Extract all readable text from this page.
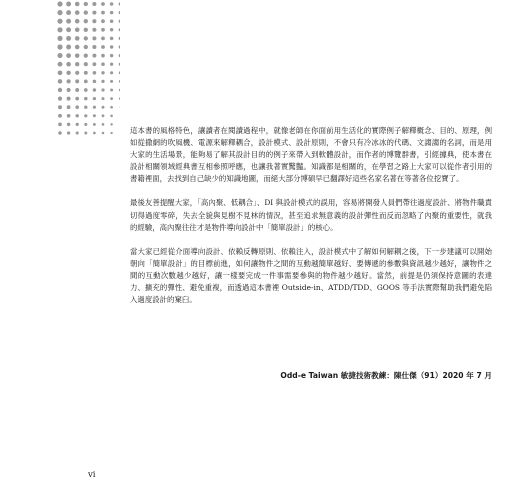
這本書的風格特色，讓讀者在閱讀過程中，就像老師在你面前用生活化的實際例子解釋概念、目的、原理，例如從撒網的吹風機、電源來解釋耦合，設計模式、設計原則，不會只有冷冰冰的代碼、文謅謅的名詞，而是用大家的生活場景，能夠易了解其設計目的的例子來帶入到軟體設計，而作者的博覽群書，引經據典，使本書在設計相關領域經典書互相參照呼應，也讓我著實驚豔。知識都是相關的，在學習之路上大家可以從作者引用的書籍裡面，去找到自己缺少的知識地圖，而絕大部分博碩早已翻譯好這些名家名著在等著各位挖寶了。

最後友善提醒大家，「高內聚、低耦合」、DI 與設計模式的誤用，容易將開發人員們帶往過度設計、將物件職責切得過度零碎，失去全貌與見樹不見林的情況，甚至追求無意義的設計彈性而反而忽略了內聚的重要性，就我的經驗，高內聚往往才是物件導向設計中「簡單設計」的核心。

當大家已經從介面導向設計、依賴反轉原則、依賴注入，設計模式中了解如何解耦之後，下一步建議可以開始朝向「簡單設計」的目標前進，如何讓物件之間的互動越簡單越好、要傳遞的參數與資訊越少越好，讓物件之間的互動次數越少越好，讓一樣要完成一件事需要參與的物件越少越好。當然，前提是仍須保持意圖的表達力、擴充的彈性、避免重複，而透過這本書裡 Outside-in、ATDD/TDD、GOOS 等手法實際幫助我們避免陷入過度設計的窠臼。

Odd-e Taiwan 敏捷技術教練：陳仕傑（91）2020 年 7 月
vi
